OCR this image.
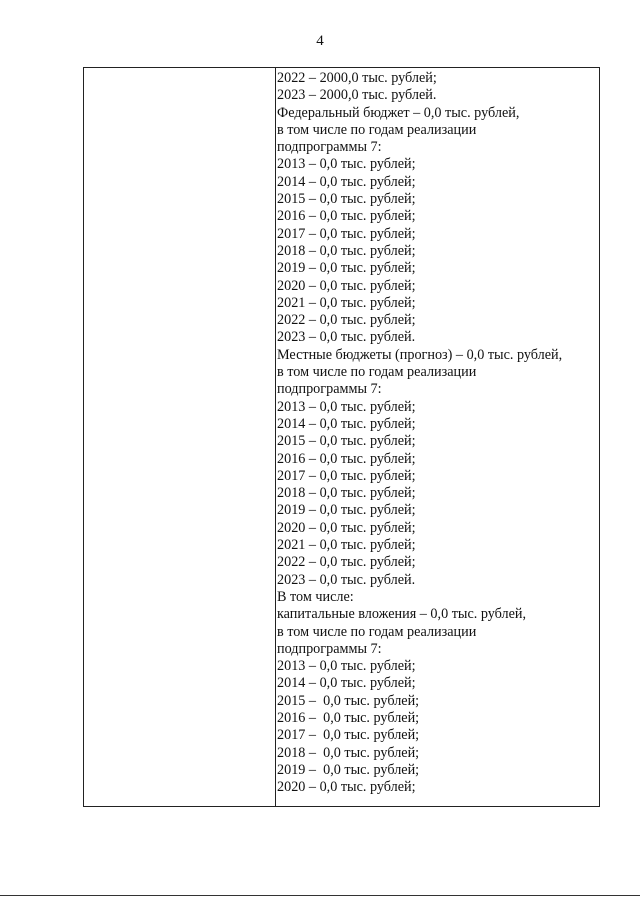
4
2022 – 2000,0 тыс. рублей;
2023 – 2000,0 тыс. рублей.
Федеральный бюджет – 0,0 тыс. рублей,
в том числе по годам реализации
подпрограммы 7:
2013 – 0,0 тыс. рублей;
2014 – 0,0 тыс. рублей;
2015 – 0,0 тыс. рублей;
2016 – 0,0 тыс. рублей;
2017 – 0,0 тыс. рублей;
2018 – 0,0 тыс. рублей;
2019 – 0,0 тыс. рублей;
2020 – 0,0 тыс. рублей;
2021 – 0,0 тыс. рублей;
2022 – 0,0 тыс. рублей;
2023 – 0,0 тыс. рублей.
Местные бюджеты (прогноз) – 0,0 тыс. рублей,
в том числе по годам реализации
подпрограммы 7:
2013 – 0,0 тыс. рублей;
2014 – 0,0 тыс. рублей;
2015 – 0,0 тыс. рублей;
2016 – 0,0 тыс. рублей;
2017 – 0,0 тыс. рублей;
2018 – 0,0 тыс. рублей;
2019 – 0,0 тыс. рублей;
2020 – 0,0 тыс. рублей;
2021 – 0,0 тыс. рублей;
2022 – 0,0 тыс. рублей;
2023 – 0,0 тыс. рублей.
В том числе:
капитальные вложения – 0,0 тыс. рублей,
в том числе по годам реализации
подпрограммы 7:
2013 – 0,0 тыс. рублей;
2014 – 0,0 тыс. рублей;
2015 –  0,0 тыс. рублей;
2016 –  0,0 тыс. рублей;
2017 –  0,0 тыс. рублей;
2018 –  0,0 тыс. рублей;
2019 –  0,0 тыс. рублей;
2020 – 0,0 тыс. рублей;
